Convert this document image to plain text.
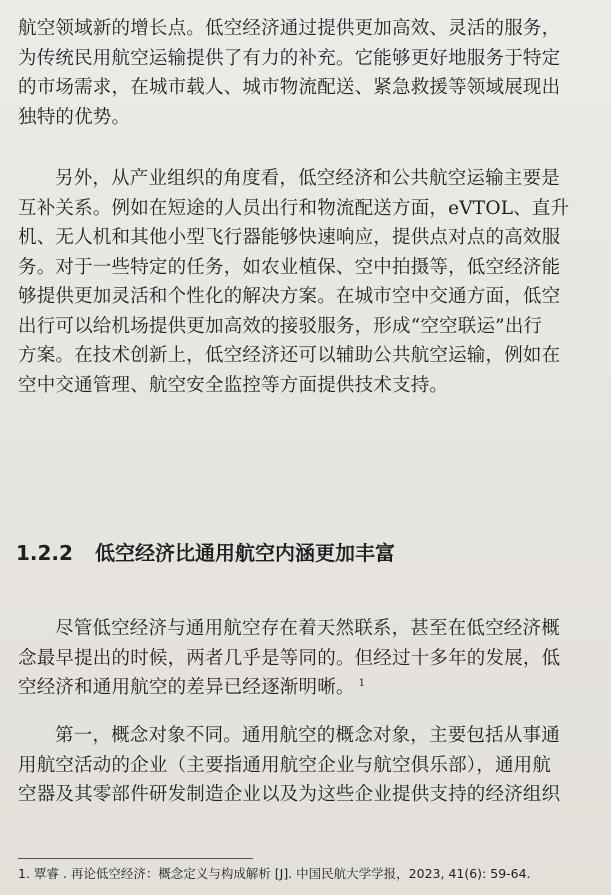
航空领域新的增长点。低空经济通过提供更加高效、灵活的服务，

为传统民用航空运输提供了有力的补充。它能够更好地服务于特定

的市场需求，在城市载人、城市物流配送、紧急救援等领域展现出

独特的优势。

另外，从产业组织的角度看，低空经济和公共航空运输主要是

互补关系。例如在短途的人员出行和物流配送方面，eVTOL、直升

机、无人机和其他小型飞行器能够快速响应，提供点对点的高效服

务。对于一些特定的任务，如农业植保、空中拍摄等，低空经济能

够提供更加灵活和个性化的解决方案。在城市空中交通方面，低空

出行可以给机场提供更加高效的接驳服务，形成“空空联运”出行

方案。在技术创新上，低空经济还可以辅助公共航空运输，例如在

空中交通管理、航空安全监控等方面提供技术支持。

1.2.2 低空经济比通用航空内涵更加丰富

尽管低空经济与通用航空存在着天然联系，甚至在低空经济概

念最早提出的时候，两者几乎是等同的。但经过十多年的发展，低

空经济和通用航空的差异已经逐渐明晰。 $^1$

第一，概念对象不同。通用航空的概念对象，主要包括从事通

用航空活动的企业（主要指通用航空企业与航空俱乐部），通用航

空器及其零部件研发制造企业以及为这些企业提供支持的经济组织

1. 覃睿 . 再论低空经济：概念定义与构成解析 [J]. 中国民航大学学报，2023, 41(6): 59-64.
